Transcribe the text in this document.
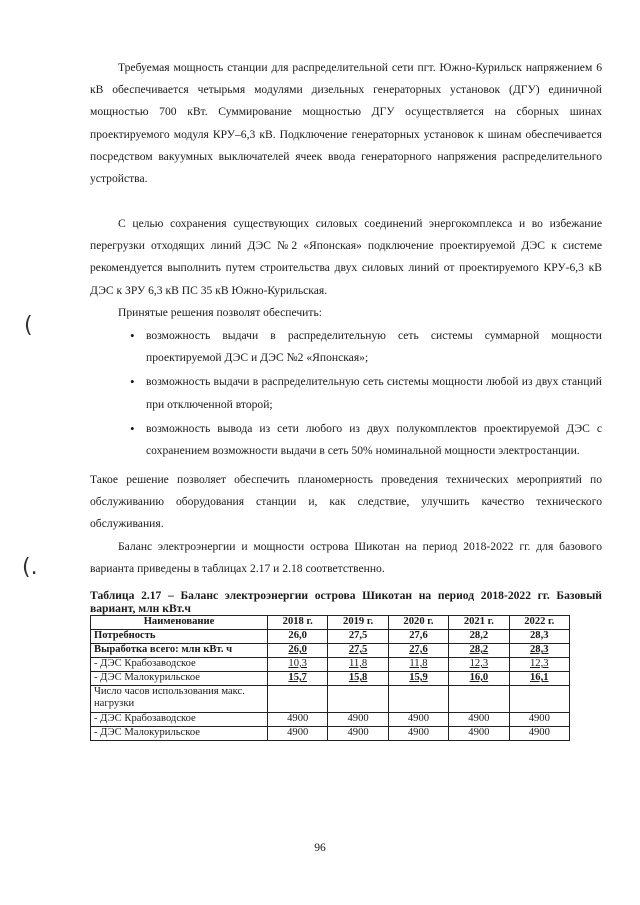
Требуемая мощность станции для распределительной сети пгт. Южно-Курильск напряжением 6 кВ обеспечивается четырьмя модулями дизельных генераторных установок (ДГУ) единичной мощностью 700 кВт. Суммирование мощностью ДГУ осуществляется на сборных шинах проектируемого модуля КРУ–6,3 кВ. Подключение генераторных установок к шинам обеспечивается посредством вакуумных выключателей ячеек ввода генераторного напряжения распределительного устройства.
С целью сохранения существующих силовых соединений энергокомплекса и во избежание перегрузки отходящих линий ДЭС №2 «Японская» подключение проектируемой ДЭС к системе рекомендуется выполнить путем строительства двух силовых линий от проектируемого КРУ-6,3 кВ ДЭС к ЗРУ 6,3 кВ ПС 35 кВ Южно-Курильская.
Принятые решения позволят обеспечить:
• возможность выдачи в распределительную сеть системы суммарной мощности проектируемой ДЭС и ДЭС №2 «Японская»;
• возможность выдачи в распределительную сеть системы мощности любой из двух станций при отключенной второй;
• возможность вывода из сети любого из двух полукомплектов проектируемой ДЭС с сохранением возможности выдачи в сеть 50% номинальной мощности электростанции.
Такое решение позволяет обеспечить планомерность проведения технических мероприятий по обслуживанию оборудования станции и, как следствие, улучшить качество технического обслуживания.
Баланс электроэнергии и мощности острова Шикотан на период 2018-2022 гг. для базового варианта приведены в таблицах 2.17 и 2.18 соответственно.
(
(.
Таблица 2.17 – Баланс электроэнергии острова Шикотан на период 2018-2022 гг. Базовый вариант, млн кВт.ч
Наименование	2018 г.	2019 г.	2020 г.	2021 г.	2022 г.
Потребность	26,0	27,5	27,6	28,2	28,3
Выработка всего: млн кВт. ч	26,0	27,5	27,6	28,2	28,3
- ДЭС Крабозаводское	10,3	11,8	11,8	12,3	12,3
- ДЭС Малокурильское	15,7	15,8	15,9	16,0	16,1
Число часов использования макс. нагрузки					
- ДЭС Крабозаводское	4900	4900	4900	4900	4900
- ДЭС Малокурильское	4900	4900	4900	4900	4900
96
